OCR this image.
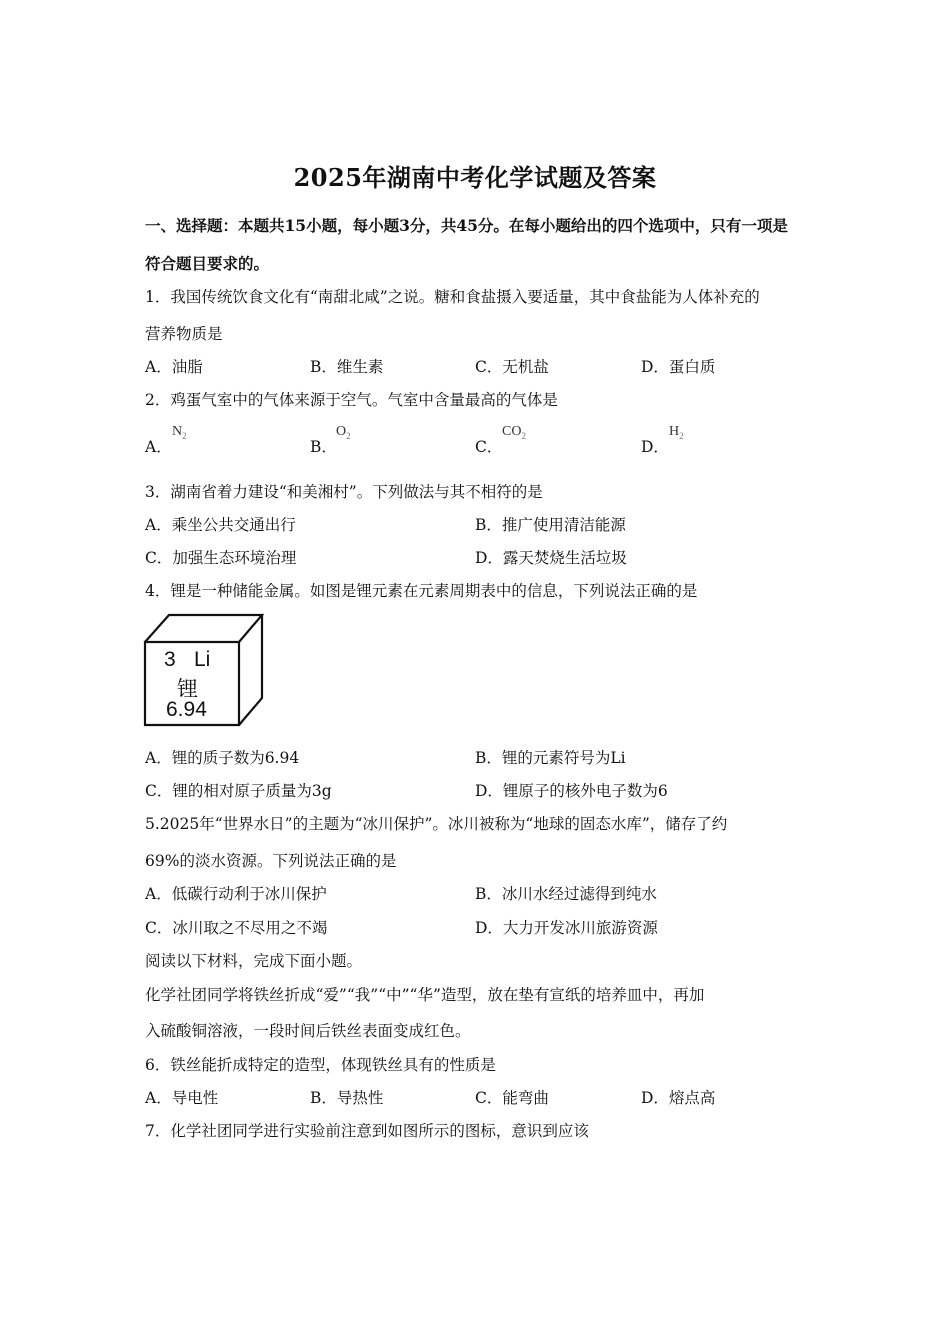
2025年湖南中考化学试题及答案
一、选择题：本题共15小题，每小题3分，共45分。在每小题给出的四个选项中，只有一项是
符合题目要求的。
1．我国传统饮食文化有“南甜北咸”之说。糖和食盐摄入要适量，其中食盐能为人体补充的
营养物质是
A．油脂	B．维生素	C．无机盐	D．蛋白质
2．鸡蛋气室中的气体来源于空气。气室中含量最高的气体是
A．
$N_2$
B．
$O_2$
C．
$CO_2$
D．
$H_2$
3．湖南省着力建设“和美湘村”。下列做法与其不相符的是
A．乘坐公共交通出行	B．推广使用清洁能源
C．加强生态环境治理	D．露天焚烧生活垃圾
4．锂是一种储能金属。如图是锂元素在元素周期表中的信息，下列说法正确的是
3 Li
锂
6.94
A．锂的质子数为6.94	B．锂的元素符号为Li
C．锂的相对原子质量为3g	D．锂原子的核外电子数为6
5.2025年“世界水日”的主题为“冰川保护”。冰川被称为“地球的固态水库”，储存了约
69%的淡水资源。下列说法正确的是
A．低碳行动利于冰川保护	B．冰川水经过滤得到纯水
C．冰川取之不尽用之不竭	D．大力开发冰川旅游资源
阅读以下材料，完成下面小题。
化学社团同学将铁丝折成“爱”“我”“中”“华”造型，放在垫有宣纸的培养皿中，再加
入硫酸铜溶液，一段时间后铁丝表面变成红色。
6．铁丝能折成特定的造型，体现铁丝具有的性质是
A．导电性	B．导热性	C．能弯曲	D．熔点高
7．化学社团同学进行实验前注意到如图所示的图标，意识到应该
